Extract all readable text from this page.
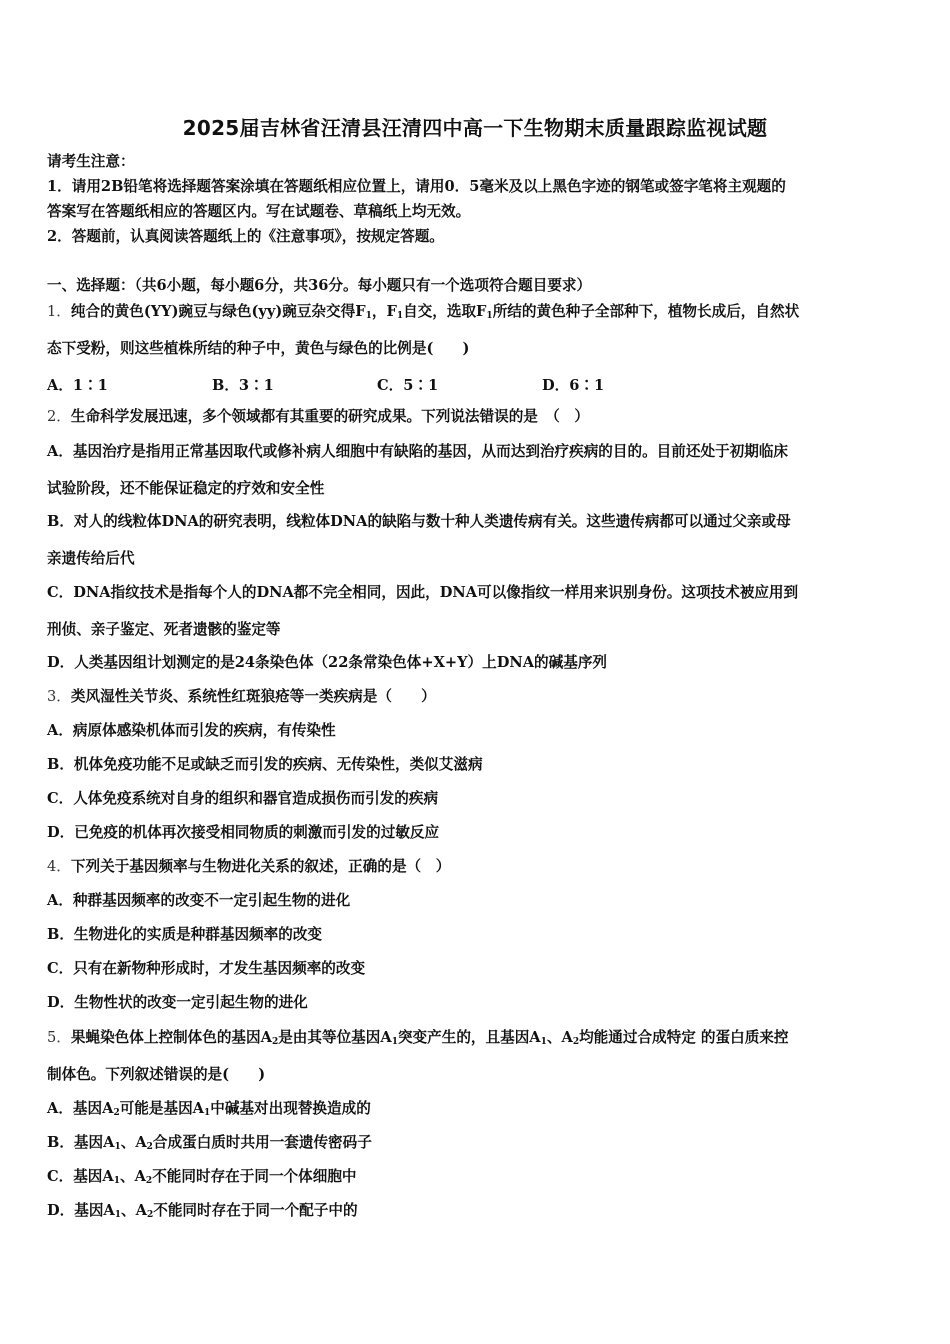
2025届吉林省汪清县汪清四中高一下生物期末质量跟踪监视试题
请考生注意：
1．请用2B铅笔将选择题答案涂填在答题纸相应位置上，请用0．5毫米及以上黑色字迹的钢笔或签字笔将主观题的
答案写在答题纸相应的答题区内。写在试题卷、草稿纸上均无效。
2．答题前，认真阅读答题纸上的《注意事项》，按规定答题。
一、选择题：（共6小题，每小题6分，共36分。每小题只有一个选项符合题目要求）
1．纯合的黄色(YY)豌豆与绿色(yy)豌豆杂交得$F_1$，$F_1$自交，选取$F_1$所结的黄色种子全部种下，植物长成后，自然状
态下受粉，则这些植株所结的种子中，黄色与绿色的比例是(　　)
A．1∶1	B．3∶1	C．5∶1	D．6∶1
2．生命科学发展迅速，多个领域都有其重要的研究成果。下列说法错误的是　（　）
A．基因治疗是指用正常基因取代或修补病人细胞中有缺陷的基因，从而达到治疗疾病的目的。目前还处于初期临床
试验阶段，还不能保证稳定的疗效和安全性
B．对人的线粒体DNA的研究表明，线粒体DNA的缺陷与数十种人类遗传病有关。这些遗传病都可以通过父亲或母
亲遗传给后代
C．DNA指纹技术是指每个人的DNA都不完全相同，因此，DNA可以像指纹一样用来识别身份。这项技术被应用到
刑侦、亲子鉴定、死者遗骸的鉴定等
D．人类基因组计划测定的是24条染色体（22条常染色体+X+Y）上DNA的碱基序列
3．类风湿性关节炎、系统性红斑狼疮等一类疾病是（　　）
A．病原体感染机体而引发的疾病，有传染性
B．机体免疫功能不足或缺乏而引发的疾病、无传染性，类似艾滋病
C．人体免疫系统对自身的组织和器官造成损伤而引发的疾病
D．已免疫的机体再次接受相同物质的刺激而引发的过敏反应
4．下列关于基因频率与生物进化关系的叙述，正确的是（　）
A．种群基因频率的改变不一定引起生物的进化
B．生物进化的实质是种群基因频率的改变
C．只有在新物种形成时，才发生基因频率的改变
D．生物性状的改变一定引起生物的进化
5．果蝇染色体上控制体色的基因$A_2$是由其等位基因$A_1$突变产生的，且基因$A_1$、$A_2$均能通过合成特定 的蛋白质来控
制体色。下列叙述错误的是(　　)
A．基因$A_2$可能是基因$A_1$中碱基对出现替换造成的
B．基因$A_1$、$A_2$合成蛋白质时共用一套遗传密码子
C．基因$A_1$、$A_2$不能同时存在于同一个体细胞中
D．基因$A_1$、$A_2$不能同时存在于同一个配子中的
